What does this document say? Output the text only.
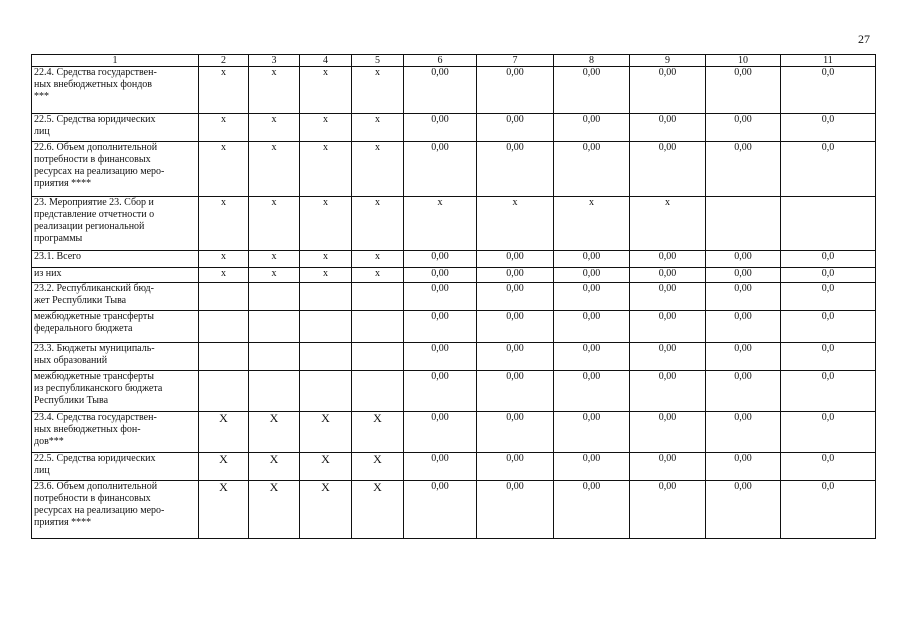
27
1	2	3	4	5	6	7	8	9	10	11
22.4. Средства государствен-
ных внебюджетных фондов
***	x	x	x	x	0,00	0,00	0,00	0,00	0,00	0,0
22.5. Средства юридических
лиц	x	x	x	x	0,00	0,00	0,00	0,00	0,00	0,0
22.6. Объем дополнительной
потребности в финансовых
ресурсах на реализацию меро-
приятия ****	x	x	x	x	0,00	0,00	0,00	0,00	0,00	0,0
23. Мероприятие 23. Сбор и
представление отчетности о
реализации региональной
программы	x	x	x	x	x	x	x	x		
23.1. Всего	x	x	x	x	0,00	0,00	0,00	0,00	0,00	0,0
из них	x	x	x	x	0,00	0,00	0,00	0,00	0,00	0,0
23.2. Республиканский бюд-
жет Республики Тыва					0,00	0,00	0,00	0,00	0,00	0,0
межбюджетные трансферты
федерального бюджета					0,00	0,00	0,00	0,00	0,00	0,0
23.3. Бюджеты муниципаль-
ных образований					0,00	0,00	0,00	0,00	0,00	0,0
межбюджетные трансферты
из республиканского бюджета
Республики Тыва					0,00	0,00	0,00	0,00	0,00	0,0
23.4. Средства государствен-
ных внебюджетных фон-
дов***	X	X	X	X	0,00	0,00	0,00	0,00	0,00	0,0
22.5. Средства юридических
лиц	X	X	X	X	0,00	0,00	0,00	0,00	0,00	0,0
23.6. Объем дополнительной
потребности в финансовых
ресурсах на реализацию меро-
приятия ****	X	X	X	X	0,00	0,00	0,00	0,00	0,00	0,0
